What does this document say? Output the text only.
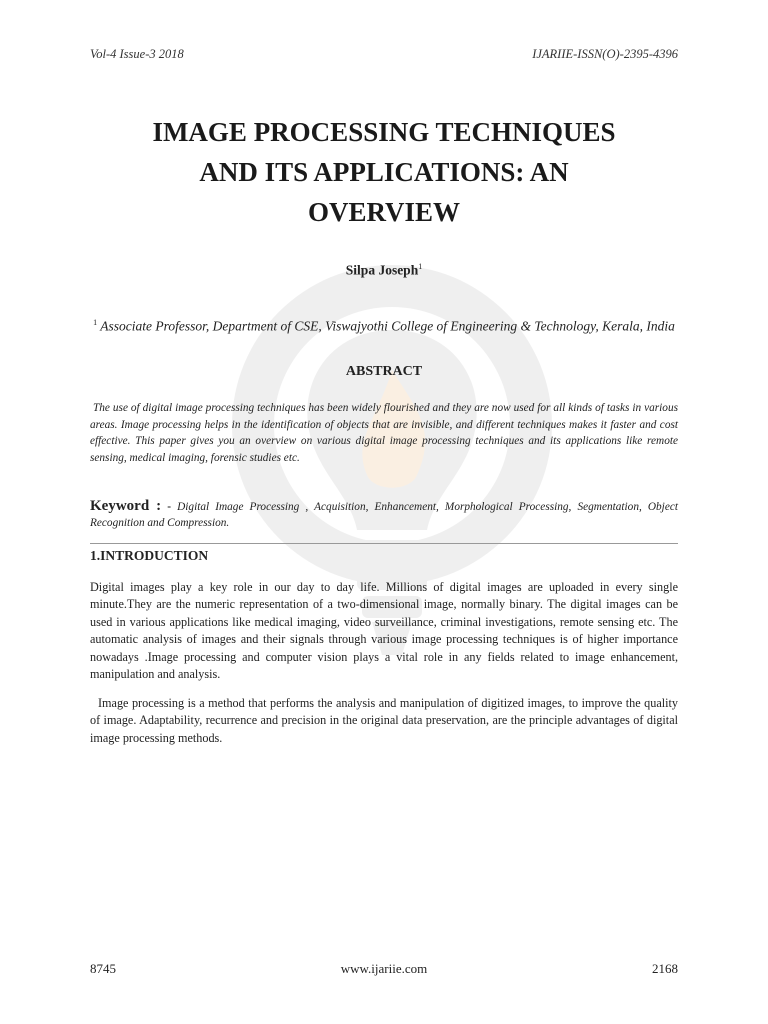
Vol-4 Issue-3 2018	IJARIIE-ISSN(O)-2395-4396
IMAGE PROCESSING TECHNIQUES
AND ITS APPLICATIONS: AN
OVERVIEW
Silpa Joseph$^1$
$^1$ Associate Professor, Department of CSE, Viswajyothi College of Engineering & Technology, Kerala, India
ABSTRACT

The use of digital image processing techniques has been widely flourished and they are now used for all kinds of tasks in various areas. Image processing helps in the identification of objects that are invisible, and different techniques makes it faster and cost effective. This paper gives you an overview on various digital image processing techniques and its applications like remote sensing, medical imaging, forensic studies etc.

Keyword : - Digital Image Processing , Acquisition, Enhancement, Morphological Processing, Segmentation, Object Recognition and Compression.

1.INTRODUCTION

Digital images play a key role in our day to day life. Millions of digital images are uploaded in every single minute.They are the numeric representation of a two-dimensional image, normally binary. The digital images can be used in various applications like medical imaging, video surveillance, criminal investigations, remote sensing etc. The automatic analysis of images and their signals through various image processing techniques is of higher importance nowadays .Image processing and computer vision plays a vital role in any fields related to image enhancement, manipulation and analysis.

Image processing is a method that performs the analysis and manipulation of digitized images, to improve the quality of image. Adaptability, recurrence and precision in the original data preservation, are the principle advantages of digital image processing methods.

8745	www.ijariie.com	2168
